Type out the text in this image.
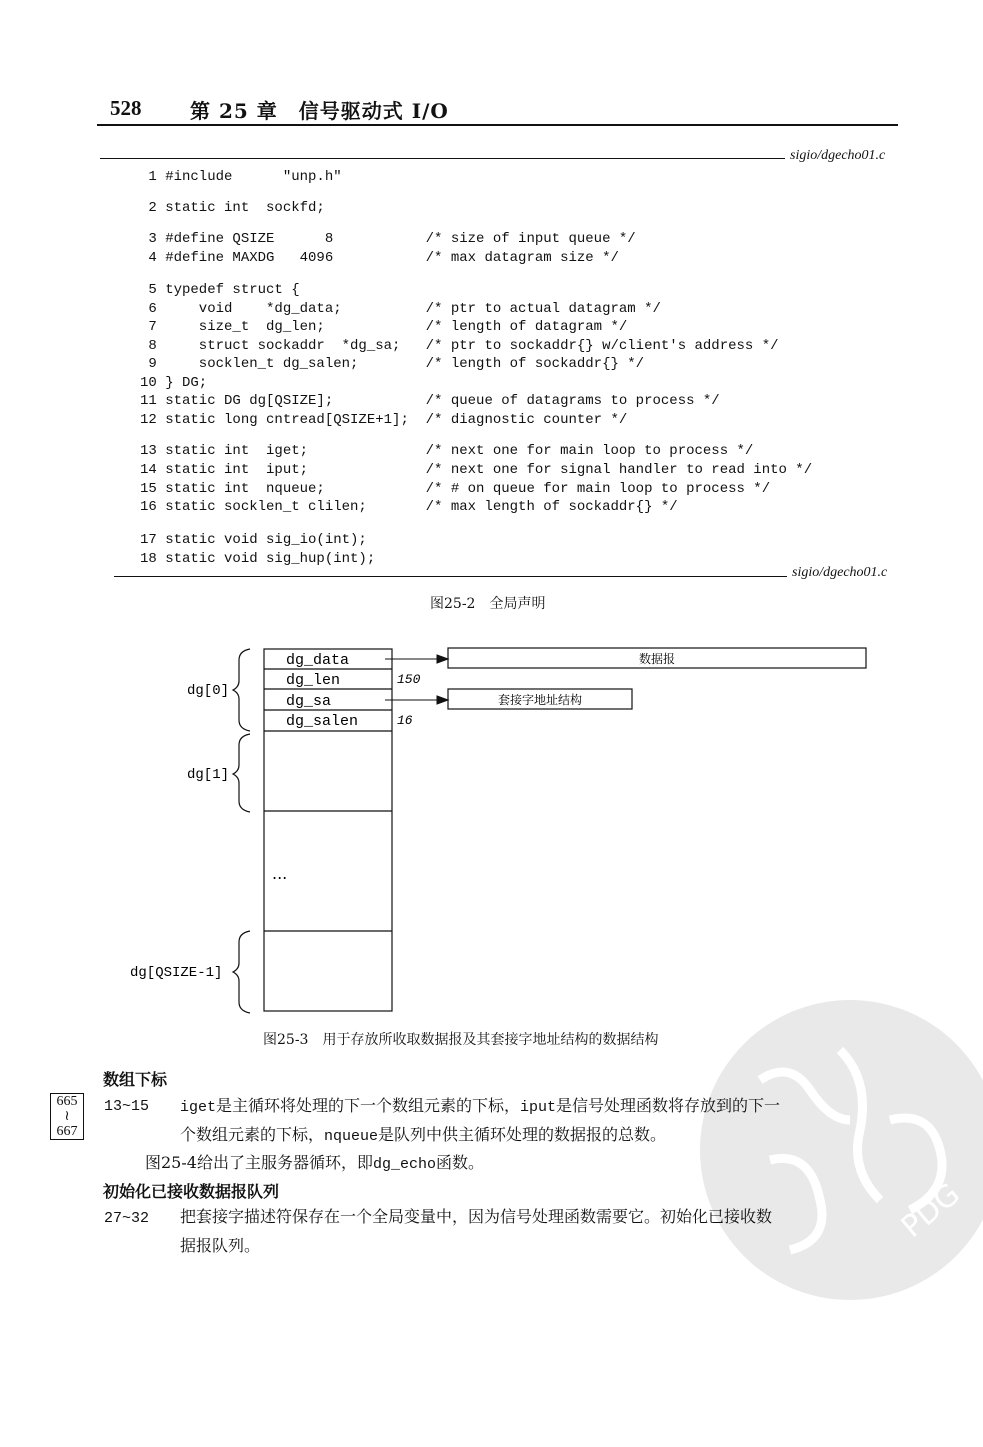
528 第 25 章　信号驱动式 I/O
sigio/dgecho01.c
1 #include      "unp.h"
2 static int  sockfd;
3 #define QSIZE      8           /* size of input queue */
4 #define MAXDG   4096           /* max datagram size */
5 typedef struct {
6     void    *dg_data;          /* ptr to actual datagram */
7     size_t  dg_len;            /* length of datagram */
8     struct sockaddr  *dg_sa;   /* ptr to sockaddr{} w/client's address */
9     socklen_t dg_salen;        /* length of sockaddr{} */
10 } DG;
11 static DG dg[QSIZE];           /* queue of datagrams to process */
12 static long cntread[QSIZE+1];  /* diagnostic counter */
13 static int  iget;              /* next one for main loop to process */
14 static int  iput;              /* next one for signal handler to read into */
15 static int  nqueue;            /* # on queue for main loop to process */
16 static socklen_t clilen;       /* max length of sockaddr{} */
17 static void sig_io(int);
18 static void sig_hup(int);
sigio/dgecho01.c
图25-2　全局声明
dg_data
dg_len
dg_sa
dg_salen
150
16
数据报
套接字地址结构
...
dg[0]
dg[1]
dg[QSIZE-1]
PDG
图25-3　用于存放所收取数据报及其套接字地址结构的数据结构
数组下标
665
≀
667
13~15 iget是主循环将处理的下一个数组元素的下标，iput是信号处理函数将存放到的下一
个数组元素的下标，nqueue是队列中供主循环处理的数据报的总数。
图25-4给出了主服务器循环，即dg_echo函数。
初始化已接收数据报队列
27~32 把套接字描述符保存在一个全局变量中，因为信号处理函数需要它。初始化已接收数
据报队列。
